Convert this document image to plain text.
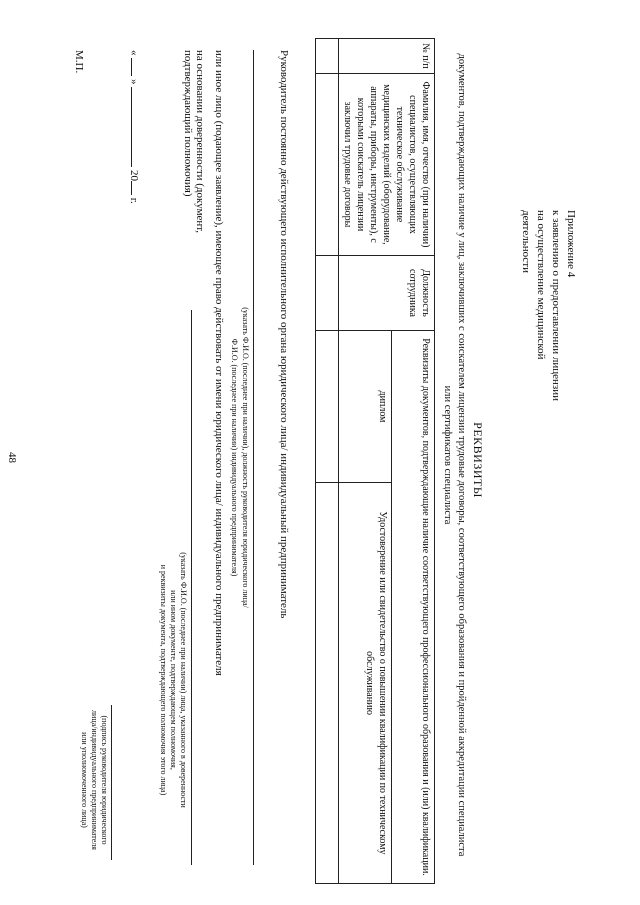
48
Приложение 4
к заявлению о предоставлении лицензии
на осуществление медицинской
деятельности
РЕКВИЗИТЫ
документов, подтверждающих наличие у лиц, заключивших с соискателем лицензии трудовые договоры, соответствующего образования и пройденной аккредитации специалиста или сертификатов специалиста
№ п/п	Фамилия, имя, отчество (при наличии) специалистов, осуществляющих техническое обслуживание медицинских изделий (оборудование, аппараты, приборы, инструменты), с которыми соискатель лицензии заключил трудовые договоры	Должность сотрудника	Реквизиты документов, подтверждающие наличие соответствующего профессионального образования и (или) квалификации.	
			диплом	Удостоверение или свидетельство о повышении квалификации по техническому обслуживанию

Руководитель постоянно действующего исполнительного органа юридического лица/ индивидуальный предприниматель
(указать Ф.И.О. (последнее при наличии), должность руководителя юридического лица/
Ф.И.О. (последнее при наличии) индивидуального предпринимателя)
или иное лицо (подающее заявление), имеющее право действовать от имени юридического лица/ индивидуального предпринимателя
на основании доверенности (документ, подтверждающий полномочия)
(указать Ф.И.О. (последнее при наличии) лица, указанного в доверенности
или ином документе, подтверждающем полномочия,
и реквизиты документа, подтверждающего полномочия этого лица)
«  »  20 г.
(подпись руководителя юридического
лица/индивидуального предпринимателя
или уполномоченного лица)
М.П.
